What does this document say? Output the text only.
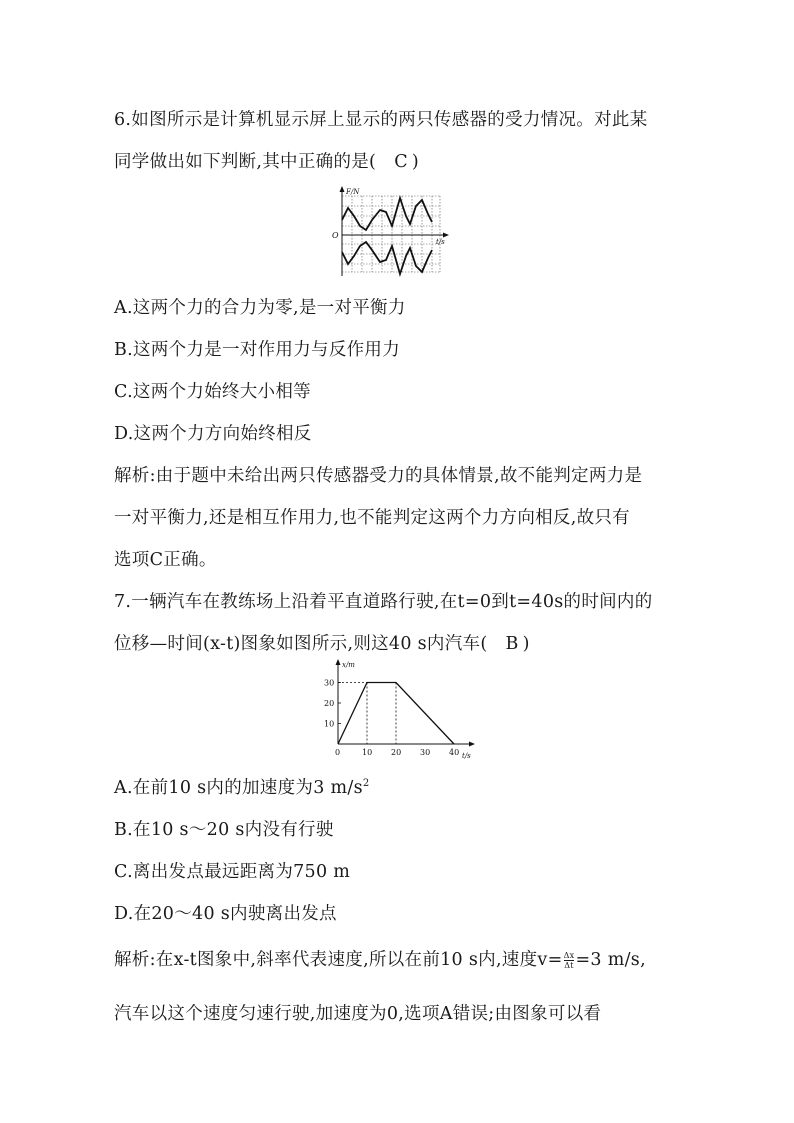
6.如图所示是计算机显示屏上显示的两只传感器的受力情况。对此某
同学做出如下判断,其中正确的是( C )
F/N
t/s
O
A.这两个力的合力为零,是一对平衡力
B.这两个力是一对作用力与反作用力
C.这两个力始终大小相等
D.这两个力方向始终相反
解析:由于题中未给出两只传感器受力的具体情景,故不能判定两力是
一对平衡力,还是相互作用力,也不能判定这两个力方向相反,故只有
选项C正确。
7.一辆汽车在教练场上沿着平直道路行驶,在t=0到t=40s的时间内的
位移—时间(x-t)图象如图所示,则这40 s内汽车( B )
x/m
t/s
0	10 20 30 40
10
20
30
A.在前10 s内的加速度为3 $m/s^2$
B.在10 s～20 s内没有行驶
C.离出发点最远距离为750 m
D.在20～40 s内驶离出发点
解析:在x-t图象中,斜率代表速度,所以在前10 s内,速度$v= \frac{\Delta x}{\Delta t} =3$ m/s,
汽车以这个速度匀速行驶,加速度为0,选项A错误;由图象可以看
